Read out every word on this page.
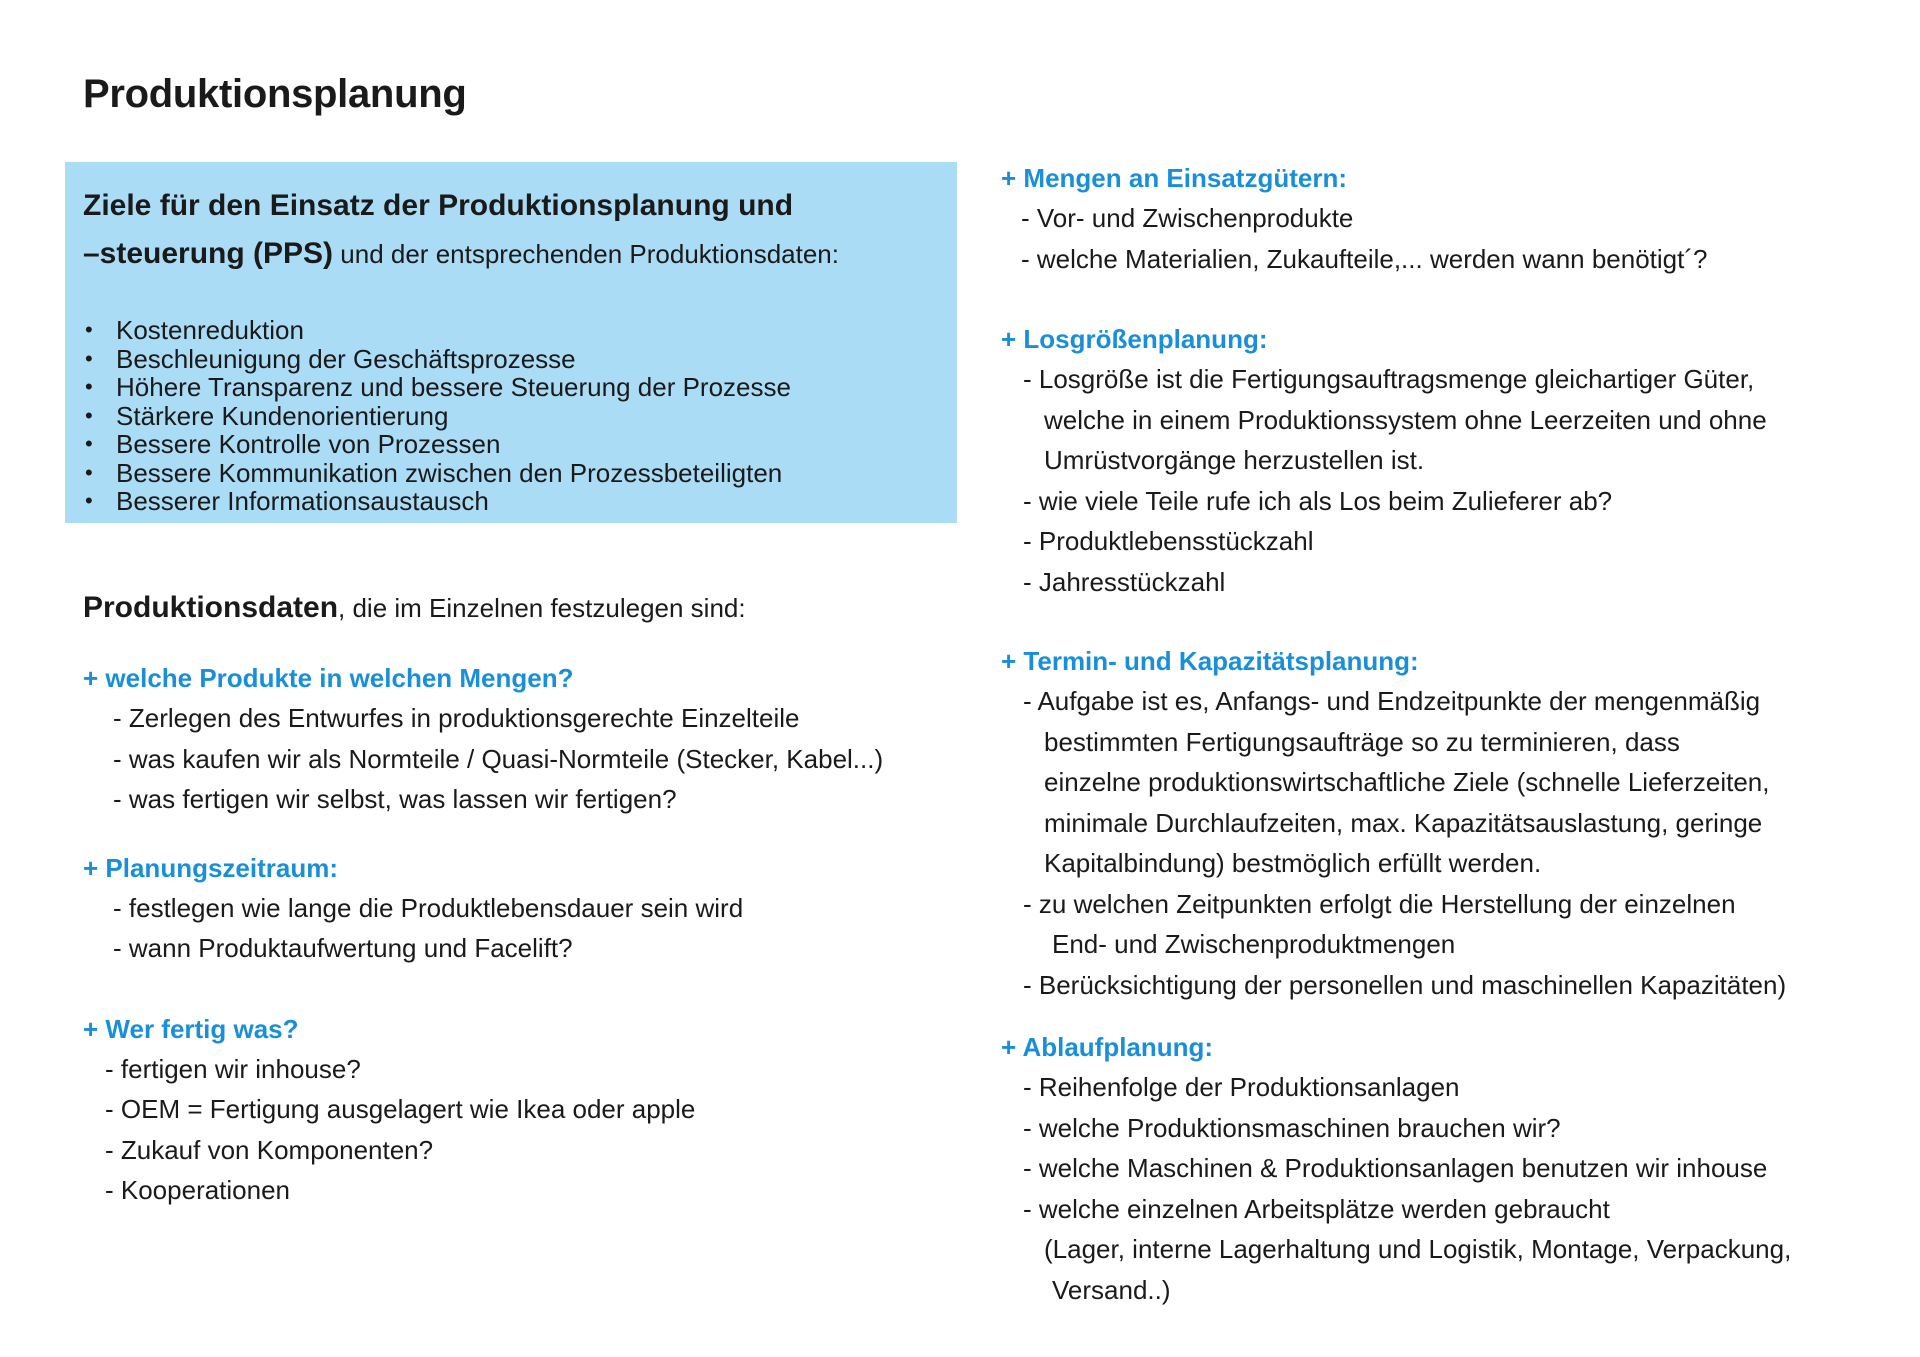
Produktionsplanung

Ziele für den Einsatz der Produktionsplanung und
–steuerung (PPS) und der entsprechenden Produktionsdaten:

• Kostenreduktion
• Beschleunigung der Geschäftsprozesse
• Höhere Transparenz und bessere Steuerung der Prozesse
• Stärkere Kundenorientierung
• Bessere Kontrolle von Prozessen
• Bessere Kommunikation zwischen den Prozessbeteiligten
• Besserer Informationsaustausch

Produktionsdaten, die im Einzelnen festzulegen sind:

+ welche Produkte in welchen Mengen?
- Zerlegen des Entwurfes in produktionsgerechte Einzelteile
- was kaufen wir als Normteile / Quasi-Normteile (Stecker, Kabel...)
- was fertigen wir selbst, was lassen wir fertigen?
+ Planungszeitraum:
- festlegen wie lange die Produktlebensdauer sein wird
- wann Produktaufwertung und Facelift?
+ Wer fertig was?
- fertigen wir inhouse?
- OEM = Fertigung ausgelagert wie Ikea oder apple
- Zukauf von Komponenten?
- Kooperationen
+ Mengen an Einsatzgütern:
- Vor- und Zwischenprodukte
- welche Materialien, Zukaufteile,... werden wann benötigt´?
+ Losgrößenplanung:
- Losgröße ist die Fertigungsauftragsmenge gleichartiger Güter,
welche in einem Produktionssystem ohne Leerzeiten und ohne
Umrüstvorgänge herzustellen ist.
- wie viele Teile rufe ich als Los beim Zulieferer ab?
- Produktlebensstückzahl
- Jahresstückzahl
+ Termin- und Kapazitätsplanung:
- Aufgabe ist es, Anfangs- und Endzeitpunkte der mengenmäßig
bestimmten Fertigungsaufträge so zu terminieren, dass
einzelne produktionswirtschaftliche Ziele (schnelle Lieferzeiten,
minimale Durchlaufzeiten, max. Kapazitätsauslastung, geringe
Kapitalbindung) bestmöglich erfüllt werden.
- zu welchen Zeitpunkten erfolgt die Herstellung der einzelnen
End- und Zwischenproduktmengen
- Berücksichtigung der personellen und maschinellen Kapazitäten)
+ Ablaufplanung:
- Reihenfolge der Produktionsanlagen
- welche Produktionsmaschinen brauchen wir?
- welche Maschinen & Produktionsanlagen benutzen wir inhouse
- welche einzelnen Arbeitsplätze werden gebraucht
(Lager, interne Lagerhaltung und Logistik, Montage, Verpackung,
Versand..)
